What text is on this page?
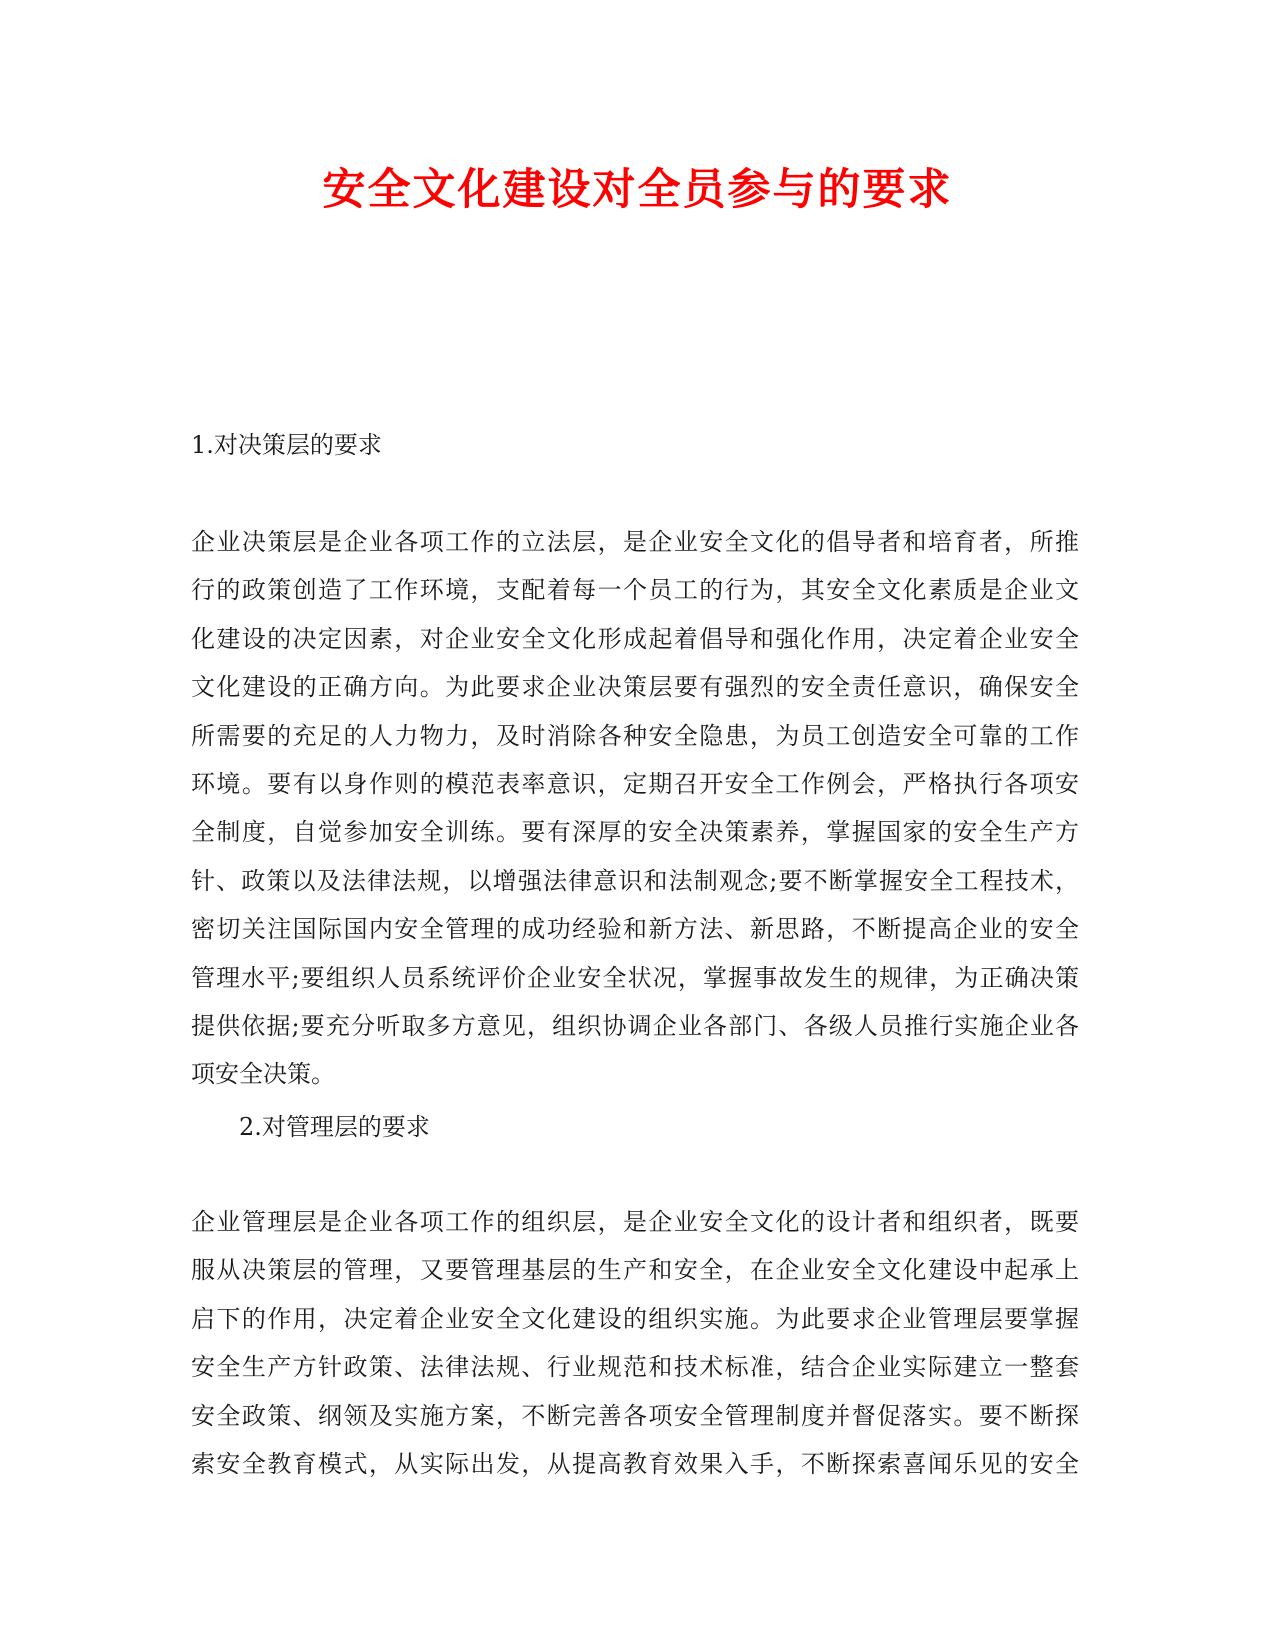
安全文化建设对全员参与的要求

1.对决策层的要求

企业决策层是企业各项工作的立法层，是企业安全文化的倡导者和培育者，所推
行的政策创造了工作环境，支配着每一个员工的行为，其安全文化素质是企业文
化建设的决定因素，对企业安全文化形成起着倡导和强化作用，决定着企业安全
文化建设的正确方向。为此要求企业决策层要有强烈的安全责任意识，确保安全
所需要的充足的人力物力，及时消除各种安全隐患，为员工创造安全可靠的工作
环境。要有以身作则的模范表率意识，定期召开安全工作例会，严格执行各项安
全制度，自觉参加安全训练。要有深厚的安全决策素养，掌握国家的安全生产方
针、政策以及法律法规，以增强法律意识和法制观念;要不断掌握安全工程技术，
密切关注国际国内安全管理的成功经验和新方法、新思路，不断提高企业的安全
管理水平;要组织人员系统评价企业安全状况，掌握事故发生的规律，为正确决策
提供依据;要充分听取多方意见，组织协调企业各部门、各级人员推行实施企业各
项安全决策。

2.对管理层的要求

企业管理层是企业各项工作的组织层，是企业安全文化的设计者和组织者，既要
服从决策层的管理，又要管理基层的生产和安全，在企业安全文化建设中起承上
启下的作用，决定着企业安全文化建设的组织实施。为此要求企业管理层要掌握
安全生产方针政策、法律法规、行业规范和技术标准，结合企业实际建立一整套
安全政策、纲领及实施方案，不断完善各项安全管理制度并督促落实。要不断探
索安全教育模式，从实际出发，从提高教育效果入手，不断探索喜闻乐见的安全
